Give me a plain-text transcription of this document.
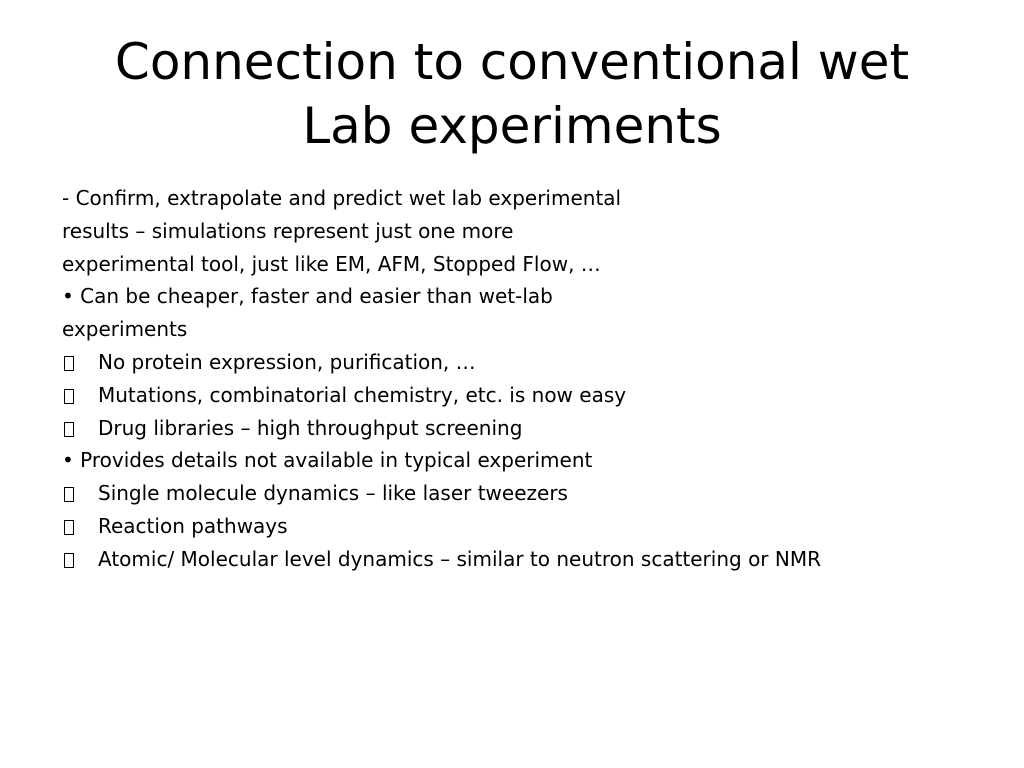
Connection to conventional wet
Lab experiments
- Confirm, extrapolate and predict wet lab experimental
results – simulations represent just one more
experimental tool, just like EM, AFM, Stopped Flow, …
• Can be cheaper, faster and easier than wet-lab
experiments
No protein expression, purification, …
Mutations, combinatorial chemistry, etc. is now easy
Drug libraries – high throughput screening
• Provides details not available in typical experiment
Single molecule dynamics – like laser tweezers
Reaction pathways
Atomic/ Molecular level dynamics – similar to neutron scattering or NMR
